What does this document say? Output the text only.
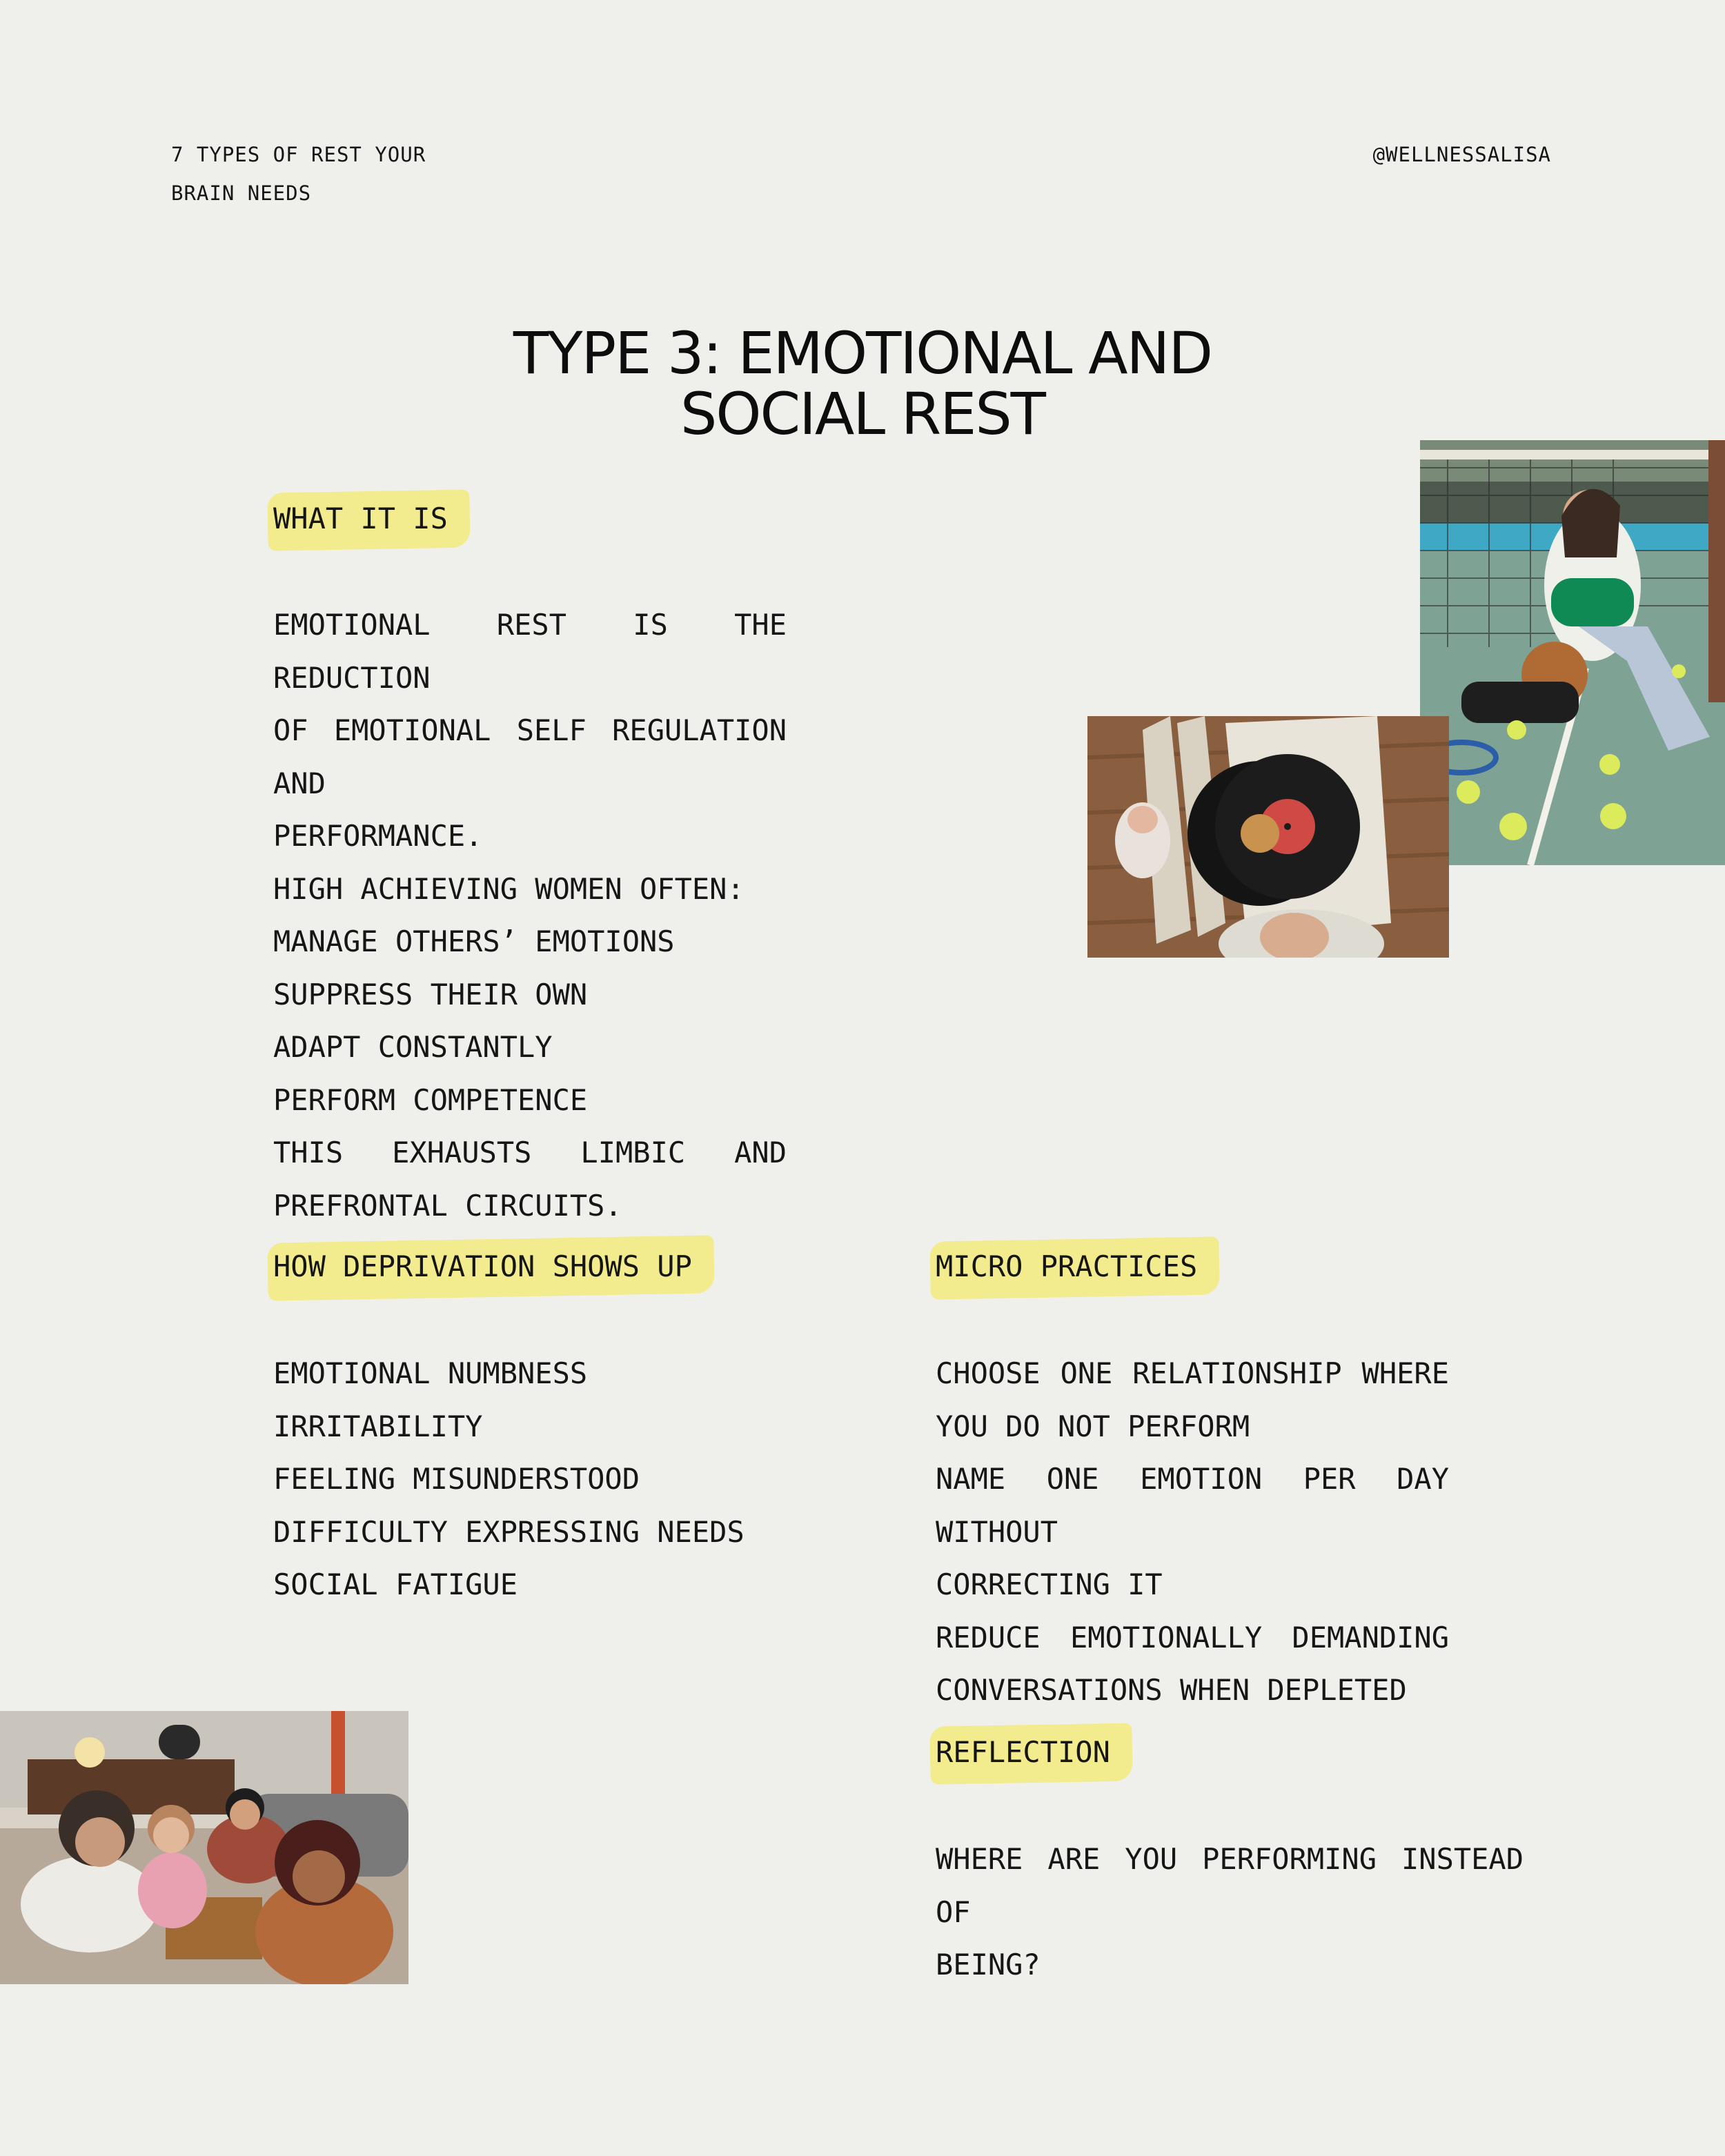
7 TYPES OF REST YOUR
BRAIN NEEDS
@WELLNESSALISA
TYPE 3: EMOTIONAL AND
SOCIAL REST
WHAT IT IS
EMOTIONAL REST IS THE REDUCTION
OF EMOTIONAL SELF REGULATION AND
PERFORMANCE.
HIGH ACHIEVING WOMEN OFTEN:
MANAGE OTHERS’ EMOTIONS
SUPPRESS THEIR OWN
ADAPT CONSTANTLY
PERFORM COMPETENCE
THIS EXHAUSTS LIMBIC AND
PREFRONTAL CIRCUITS.
HOW DEPRIVATION SHOWS UP
EMOTIONAL NUMBNESS
IRRITABILITY
FEELING MISUNDERSTOOD
DIFFICULTY EXPRESSING NEEDS
SOCIAL FATIGUE
MICRO PRACTICES
CHOOSE ONE RELATIONSHIP WHERE
YOU DO NOT PERFORM
NAME ONE EMOTION PER DAY WITHOUT
CORRECTING IT
REDUCE EMOTIONALLY DEMANDING
CONVERSATIONS WHEN DEPLETED
REFLECTION
WHERE ARE YOU PERFORMING INSTEAD OF
BEING?
